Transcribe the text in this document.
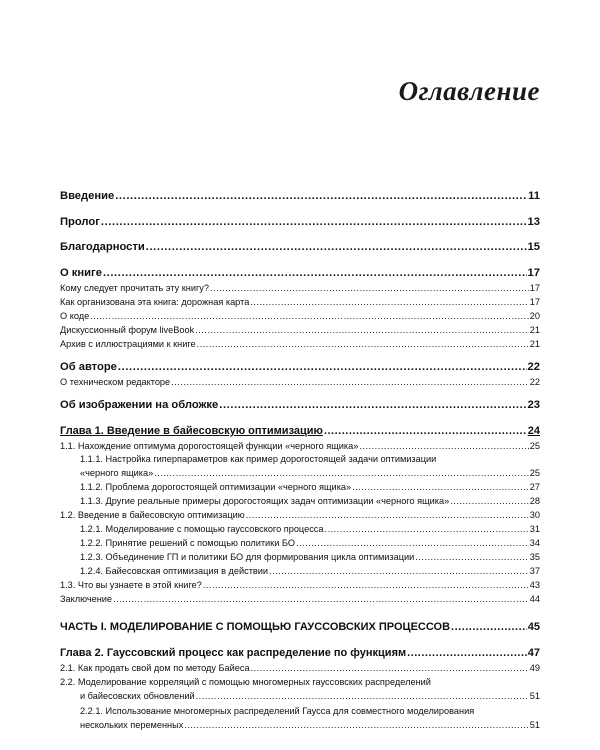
Оглавление
Введение .....	11
Пролог .....	13
Благодарности .....	15
О книге .....	17
Кому следует прочитать эту книгу? .....	17
Как организована эта книга: дорожная карта .....	17
О коде .....	20
Дискуссионный форум liveBook .....	21
Архив с иллюстрациями к книге .....	21
Об авторе .....	22
О техническом редакторе .....	22
Об изображении на обложке .....	23
Глава 1. Введение в байесовскую оптимизацию .....	24
1.1. Нахождение оптимума дорогостоящей функции «черного ящика» .....	25
1.1.1. Настройка гиперпараметров как пример дорогостоящей задачи оптимизации
«черного ящика» .....	25
1.1.2. Проблема дорогостоящей оптимизации «черного ящика» .....	27
1.1.3. Другие реальные примеры дорогостоящих задач оптимизации «черного ящика» .....	28
1.2. Введение в байесовскую оптимизацию .....	30
1.2.1. Моделирование с помощью гауссовского процесса .....	31
1.2.2. Принятие решений с помощью политики БО .....	34
1.2.3. Объединение ГП и политики БО для формирования цикла оптимизации .....	35
1.2.4. Байесовская оптимизация в действии .....	37
1.3. Что вы узнаете в этой книге? .....	43
Заключение .....	44
ЧАСТЬ I. МОДЕЛИРОВАНИЕ С ПОМОЩЬЮ ГАУССОВСКИХ ПРОЦЕССОВ .....	45
Глава 2. Гауссовский процесс как распределение по функциям .....	47
2.1. Как продать свой дом по методу Байеса .....	49
2.2. Моделирование корреляций с помощью многомерных гауссовских распределений
и байесовских обновлений .....	51
2.2.1. Использование многомерных распределений Гаусса для совместного моделирования
нескольких переменных .....	51
